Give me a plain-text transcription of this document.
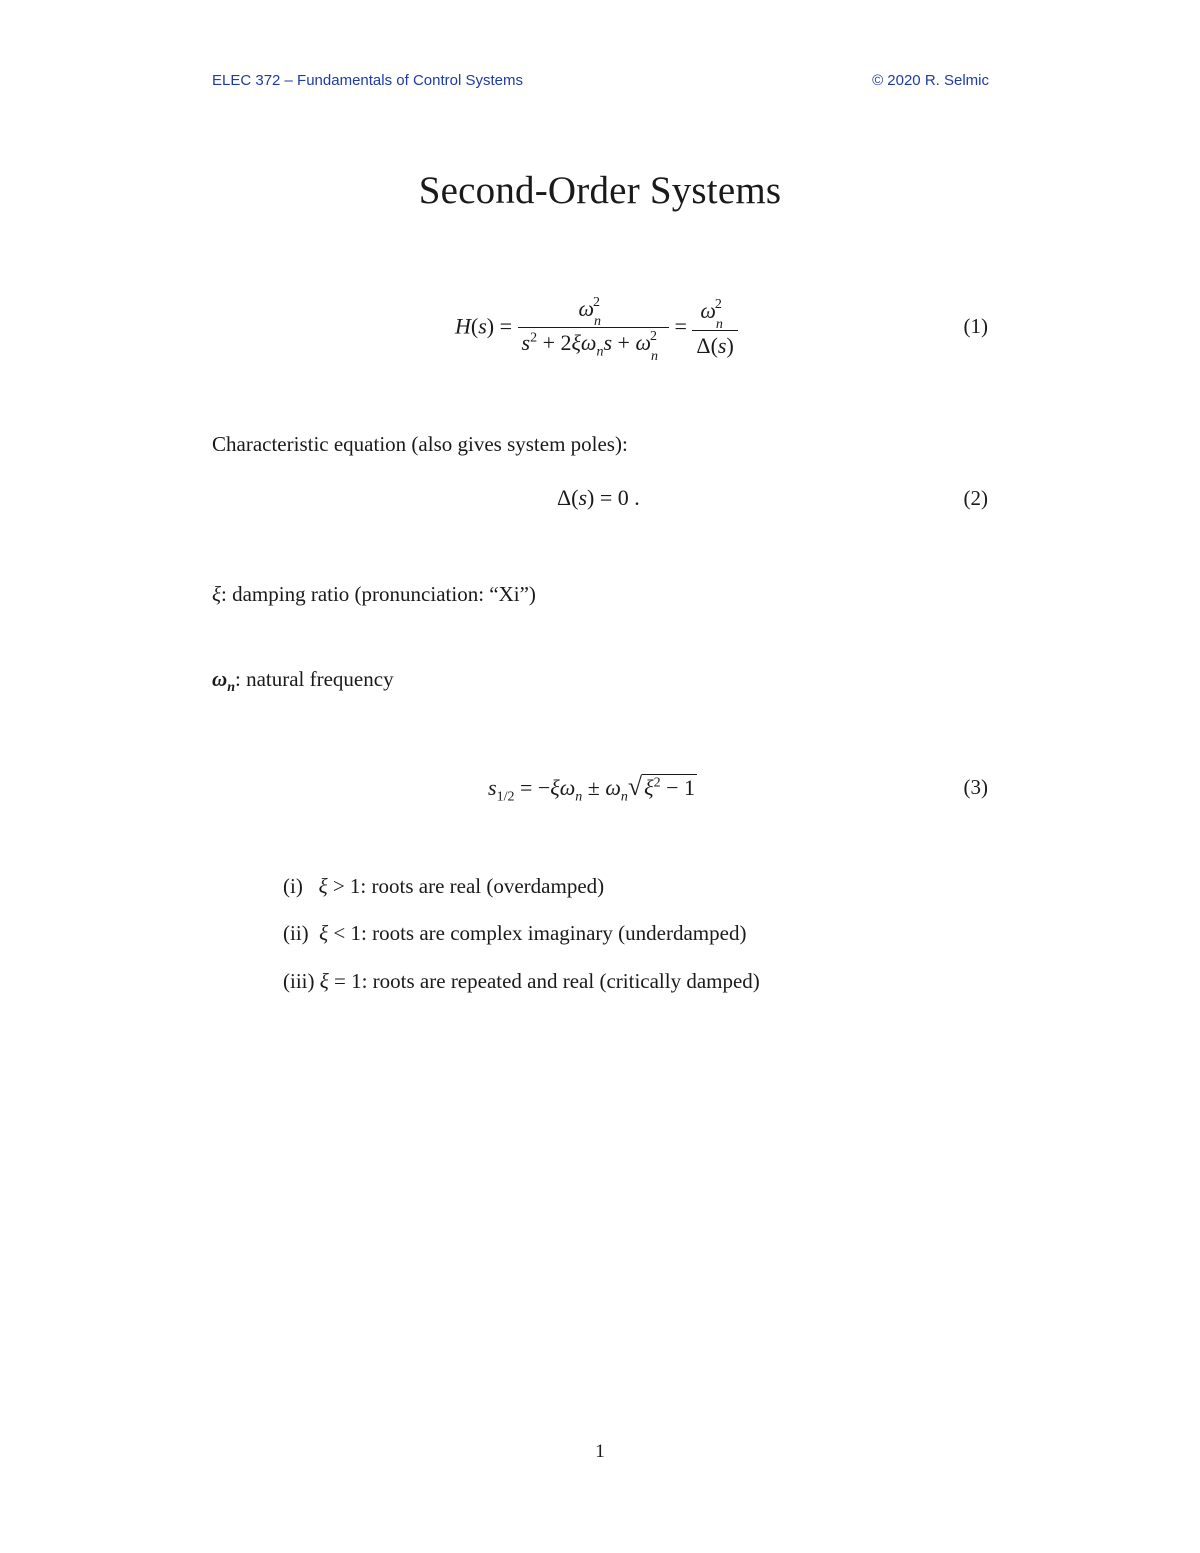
ELEC 372 – Fundamentals of Control Systems	© 2020 R. Selmic
Second-Order Systems
$H(s) = \frac{\omega_n^2}{s^2 + 2\xi\omega_ns + \omega_n^2} = \frac{\omega_n^2}{\Delta(s)}$	(1)
Characteristic equation (also gives system poles):
Δ(s) = 0 .	(2)
ξ: damping ratio (pronunciation: “Xi”)
$\omega_n$: natural frequency
$s_{1/2} = -\xi\omega_n \pm \omega_n√\xi^2 - 1$	(3)
(i) ξ > 1: roots are real (overdamped)
(ii) ξ < 1: roots are complex imaginary (underdamped)
(iii) ξ = 1: roots are repeated and real (critically damped)
1
